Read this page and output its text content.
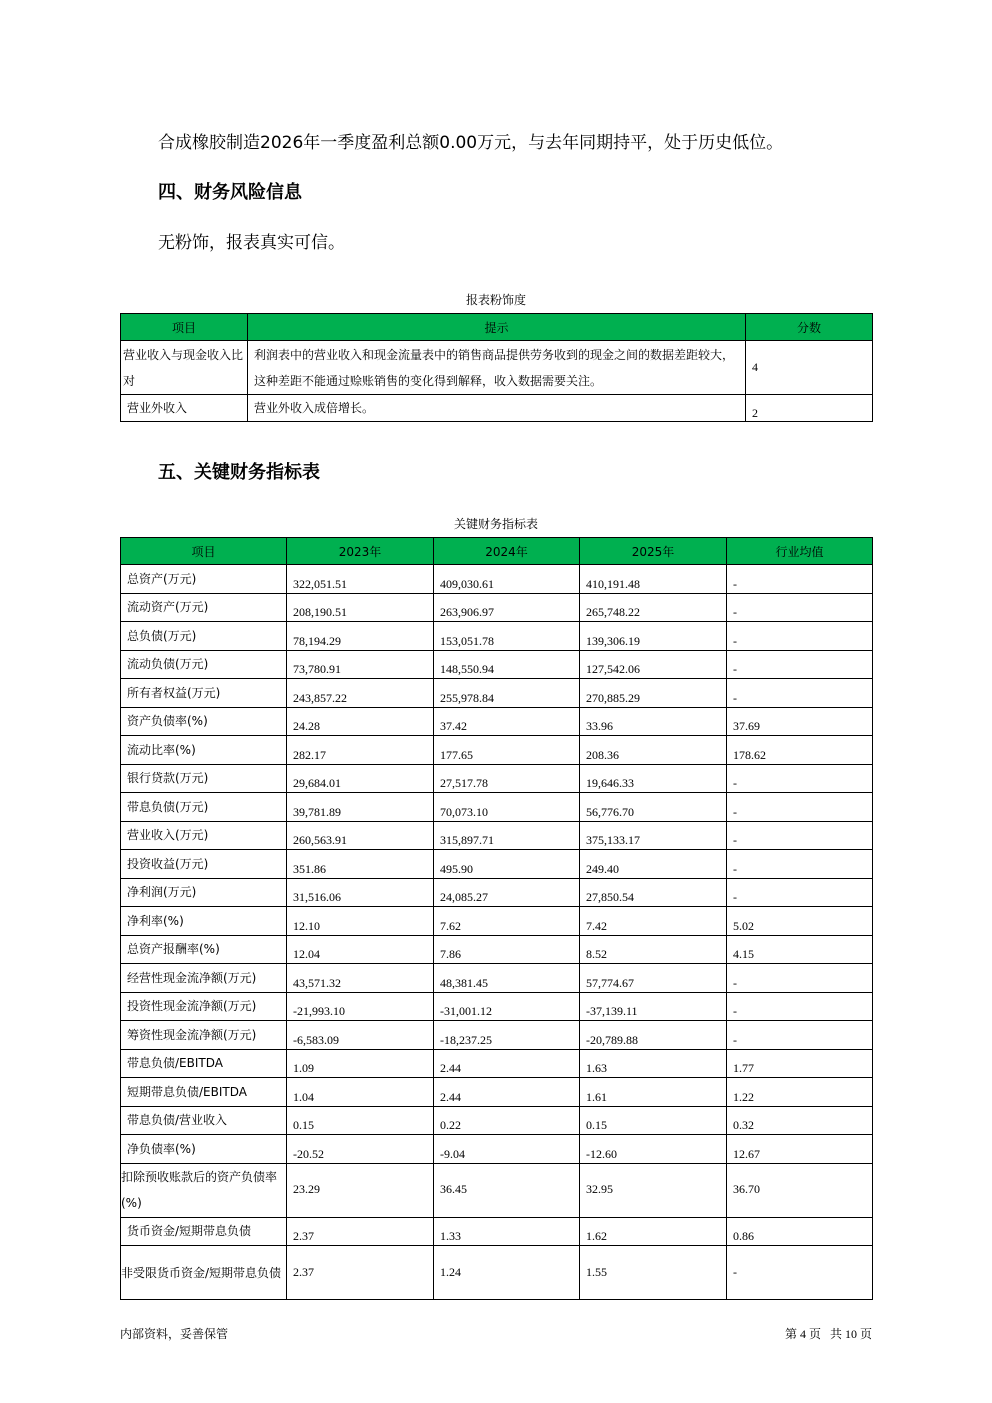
合成橡胶制造2026年一季度盈利总额0.00万元，与去年同期持平，处于历史低位。

四、财务风险信息

无粉饰，报表真实可信。

报表粉饰度
项目	提示	分数
营业收入与现金收入比对	利润表中的营业收入和现金流量表中的销售商品提供劳务收到的现金之间的数据差距较大，这种差距不能通过赊账销售的变化得到解释，收入数据需要关注。	4
营业外收入	营业外收入成倍增长。	2
五、关键财务指标表
关键财务指标表
项目	2023年	2024年	2025年	行业均值
总资产(万元)	322,051.51	409,030.61	410,191.48	-
流动资产(万元)	208,190.51	263,906.97	265,748.22	-
总负债(万元)	78,194.29	153,051.78	139,306.19	-
流动负债(万元)	73,780.91	148,550.94	127,542.06	-
所有者权益(万元)	243,857.22	255,978.84	270,885.29	-
资产负债率(%)	24.28	37.42	33.96	37.69
流动比率(%)	282.17	177.65	208.36	178.62
银行贷款(万元)	29,684.01	27,517.78	19,646.33	-
带息负债(万元)	39,781.89	70,073.10	56,776.70	-
营业收入(万元)	260,563.91	315,897.71	375,133.17	-
投资收益(万元)	351.86	495.90	249.40	-
净利润(万元)	31,516.06	24,085.27	27,850.54	-
净利率(%)	12.10	7.62	7.42	5.02
总资产报酬率(%)	12.04	7.86	8.52	4.15
经营性现金流净额(万元)	43,571.32	48,381.45	57,774.67	-
投资性现金流净额(万元)	-21,993.10	-31,001.12	-37,139.11	-
筹资性现金流净额(万元)	-6,583.09	-18,237.25	-20,789.88	-
带息负债/EBITDA	1.09	2.44	1.63	1.77
短期带息负债/EBITDA	1.04	2.44	1.61	1.22
带息负债/营业收入	0.15	0.22	0.15	0.32
净负债率(%)	-20.52	-9.04	-12.60	12.67
扣除预收账款后的资产负债率(%)	23.29	36.45	32.95	36.70
货币资金/短期带息负债	2.37	1.33	1.62	0.86
非受限货币资金/短期带息负债	2.37	1.24	1.55	-
内部资料，妥善保管	第 4 页   共 10 页
